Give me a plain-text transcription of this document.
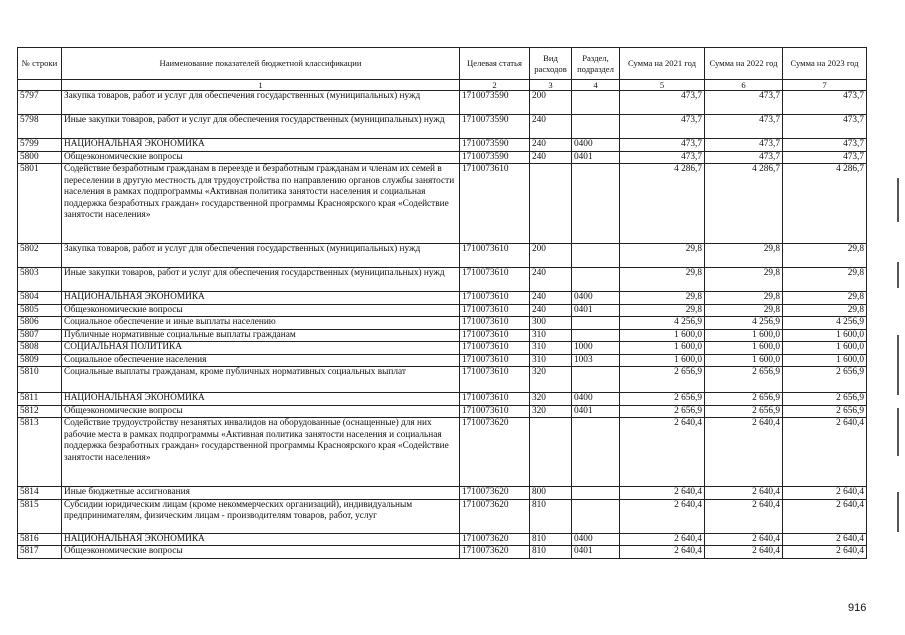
№ строки	Наименование показателей бюджетной классификации	Целевая статья	Вид расходов	Раздел, подраздел	Сумма на 2021 год	Сумма на 2022 год	Сумма на 2023 год
	1	2	3	4	5	6	7
5797	Закупка товаров, работ и услуг для обеспечения государственных (муниципальных) нужд	1710073590	200		473,7	473,7	473,7
5798	Иные закупки товаров, работ и услуг для обеспечения государственных (муниципальных) нужд	1710073590	240		473,7	473,7	473,7
5799	НАЦИОНАЛЬНАЯ ЭКОНОМИКА	1710073590	240	0400	473,7	473,7	473,7
5800	Общеэкономические вопросы	1710073590	240	0401	473,7	473,7	473,7
5801	Содействие безработным гражданам в переезде и безработным гражданам и членам их семей в переселении в другую местность для трудоустройства по направлению органов службы занятости населения в рамках подпрограммы «Активная политика занятости населения и социальная поддержка безработных граждан» государственной программы Красноярского края «Содействие занятости населения»	1710073610			4 286,7	4 286,7	4 286,7
5802	Закупка товаров, работ и услуг для обеспечения государственных (муниципальных) нужд	1710073610	200		29,8	29,8	29,8
5803	Иные закупки товаров, работ и услуг для обеспечения государственных (муниципальных) нужд	1710073610	240		29,8	29,8	29,8
5804	НАЦИОНАЛЬНАЯ ЭКОНОМИКА	1710073610	240	0400	29,8	29,8	29,8
5805	Общеэкономические вопросы	1710073610	240	0401	29,8	29,8	29,8
5806	Социальное обеспечение и иные выплаты населению	1710073610	300		4 256,9	4 256,9	4 256,9
5807	Публичные нормативные социальные выплаты гражданам	1710073610	310		1 600,0	1 600,0	1 600,0
5808	СОЦИАЛЬНАЯ ПОЛИТИКА	1710073610	310	1000	1 600,0	1 600,0	1 600,0
5809	Социальное обеспечение населения	1710073610	310	1003	1 600,0	1 600,0	1 600,0
5810	Социальные выплаты гражданам, кроме публичных нормативных социальных выплат	1710073610	320		2 656,9	2 656,9	2 656,9
5811	НАЦИОНАЛЬНАЯ ЭКОНОМИКА	1710073610	320	0400	2 656,9	2 656,9	2 656,9
5812	Общеэкономические вопросы	1710073610	320	0401	2 656,9	2 656,9	2 656,9
5813	Содействие трудоустройству незанятых инвалидов на оборудованные (оснащенные) для них рабочие места в рамках подпрограммы «Активная политика занятости населения и социальная поддержка безработных граждан» государственной программы Красноярского края «Содействие занятости населения»	1710073620			2 640,4	2 640,4	2 640,4
5814	Иные бюджетные ассигнования	1710073620	800		2 640,4	2 640,4	2 640,4
5815	Субсидии юридическим лицам (кроме некоммерческих организаций), индивидуальным предпринимателям, физическим лицам - производителям товаров, работ, услуг	1710073620	810		2 640,4	2 640,4	2 640,4
5816	НАЦИОНАЛЬНАЯ ЭКОНОМИКА	1710073620	810	0400	2 640,4	2 640,4	2 640,4
5817	Общеэкономические вопросы	1710073620	810	0401	2 640,4	2 640,4	2 640,4
916
